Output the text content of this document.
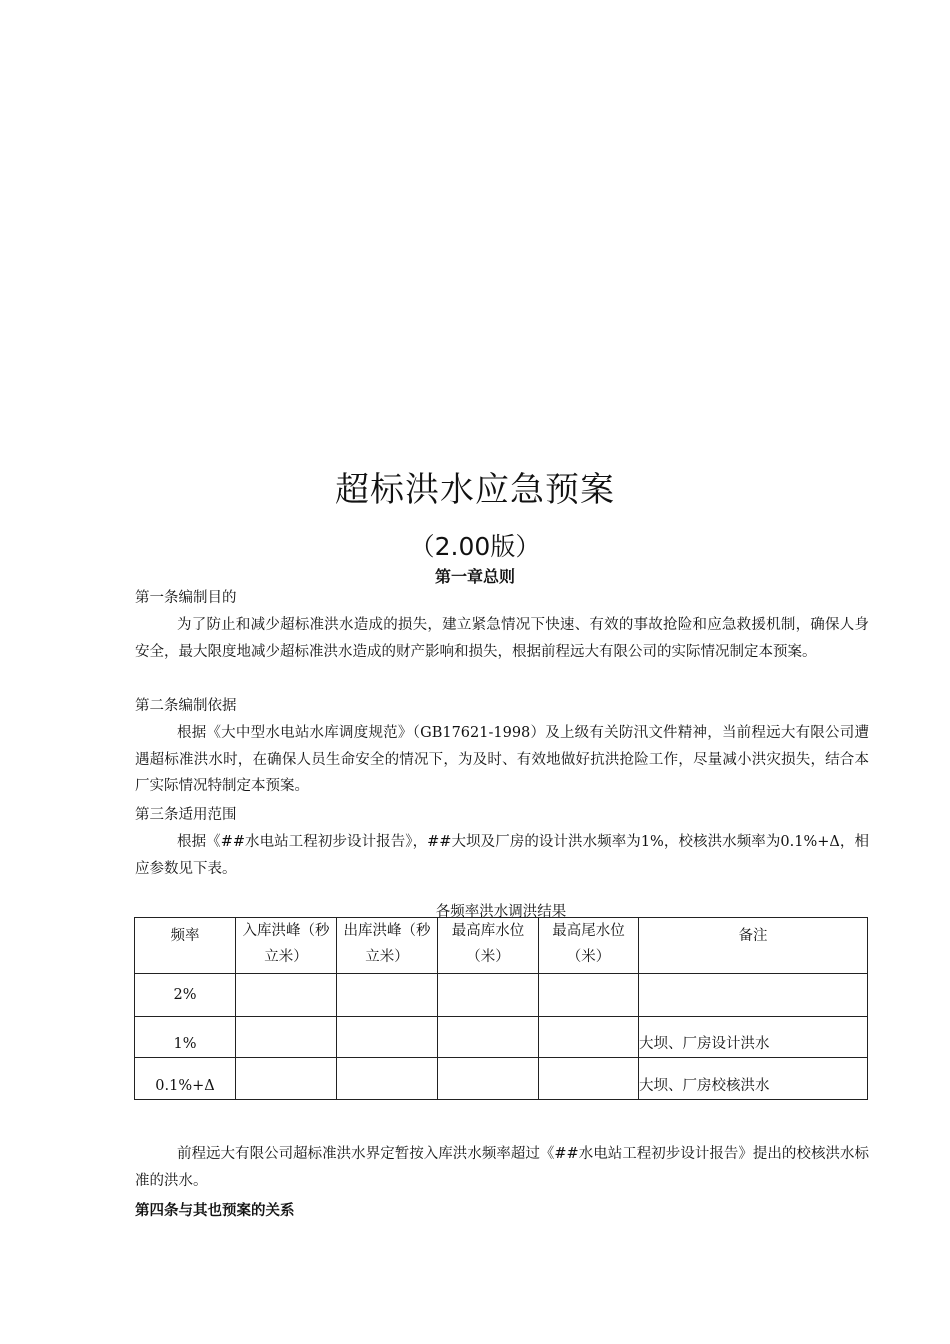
超标洪水应急预案
（2.00版）
第一章总则
第一条编制目的
为了防止和减少超标准洪水造成的损失，建立紧急情况下快速、有效的事故抢险和应急救援机制，确保人身安全，最大限度地减少超标准洪水造成的财产影响和损失，根据前程远大有限公司的实际情况制定本预案。
第二条编制依据
根据《大中型水电站水库调度规范》（GB17621-1998）及上级有关防汛文件精神，当前程远大有限公司遭遇超标准洪水时，在确保人员生命安全的情况下，为及时、有效地做好抗洪抢险工作，尽量减小洪灾损失，结合本厂实际情况特制定本预案。
第三条适用范围
根据《##水电站工程初步设计报告》，##大坝及厂房的设计洪水频率为1%，校核洪水频率为0.1%+Δ，相应参数见下表。
各频率洪水调洪结果
频率	入库洪峰（秒立米）	出库洪峰（秒立米）	最高库水位（米）	最高尾水位（米）	备注
2%					
1%					大坝、厂房设计洪水
0.1%+Δ					大坝、厂房校核洪水
前程远大有限公司超标准洪水界定暂按入库洪水频率超过《##水电站工程初步设计报告》提出的校核洪水标准的洪水。
第四条与其也预案的关系
